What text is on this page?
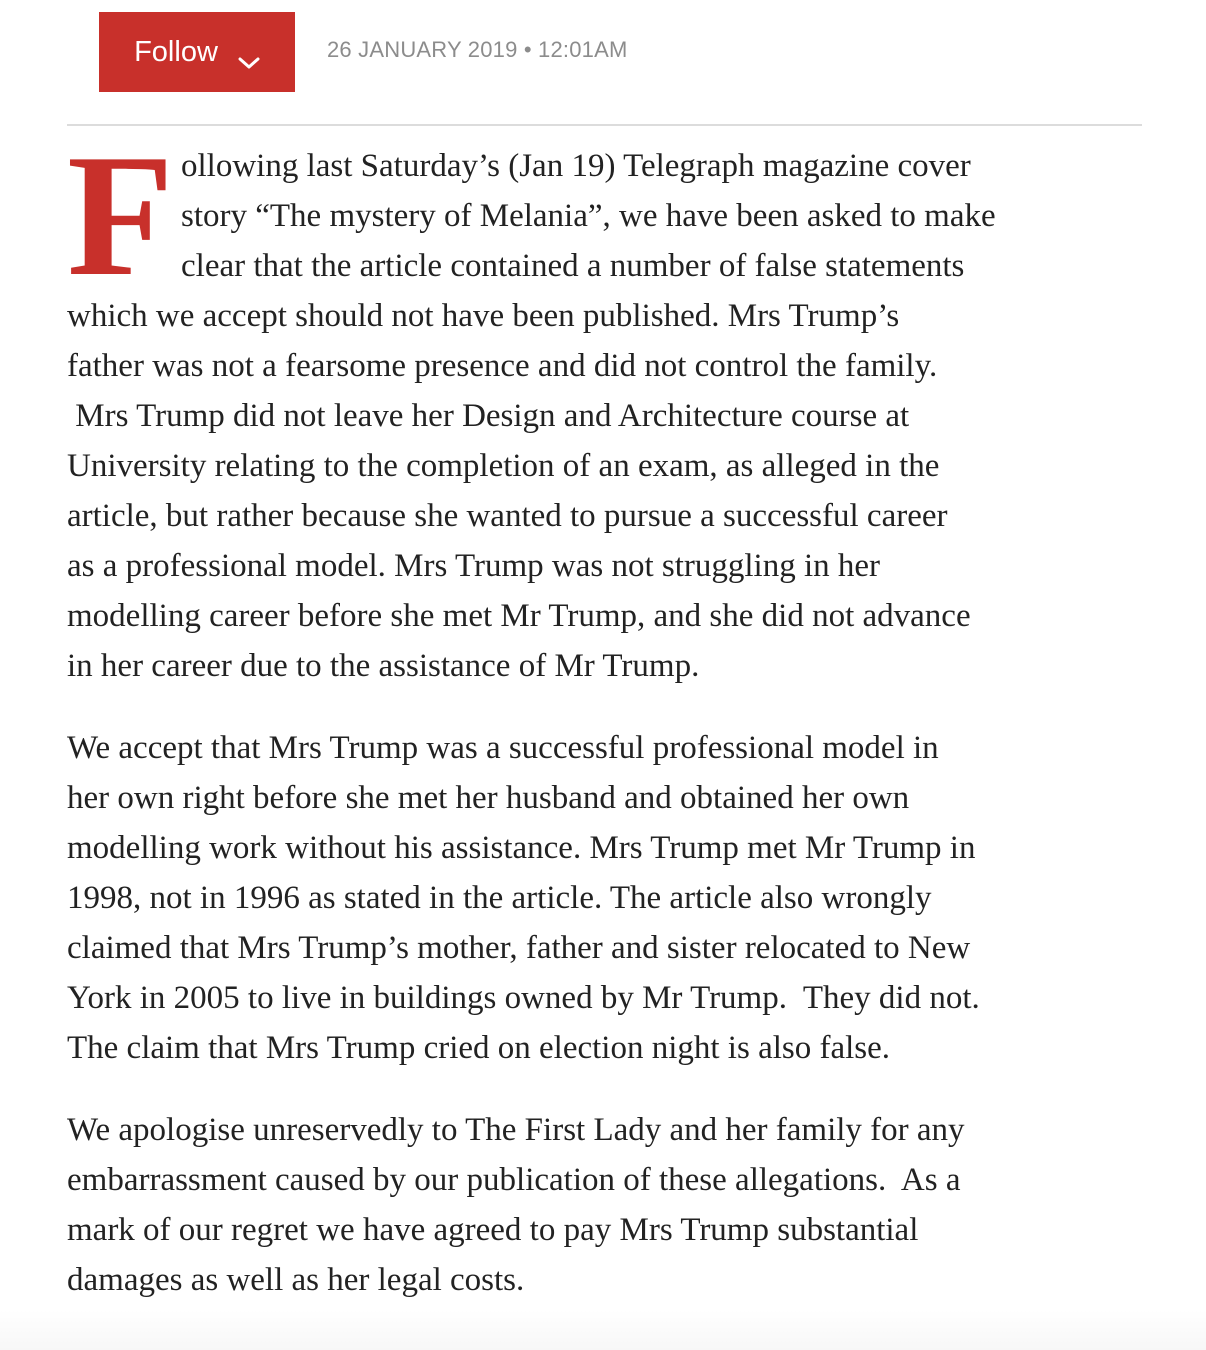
Follow	26 JANUARY 2019 • 12:01AM

F ollowing last Saturday’s (Jan 19) Telegraph magazine cover
story “The mystery of Melania”, we have been asked to make
clear that the article contained a number of false statements
which we accept should not have been published. Mrs Trump’s
father was not a fearsome presence and did not control the family.
Mrs Trump did not leave her Design and Architecture course at
University relating to the completion of an exam, as alleged in the
article, but rather because she wanted to pursue a successful career
as a professional model. Mrs Trump was not struggling in her
modelling career before she met Mr Trump, and she did not advance
in her career due to the assistance of Mr Trump.

We accept that Mrs Trump was a successful professional model in
her own right before she met her husband and obtained her own
modelling work without his assistance. Mrs Trump met Mr Trump in
1998, not in 1996 as stated in the article. The article also wrongly
claimed that Mrs Trump’s mother, father and sister relocated to New
York in 2005 to live in buildings owned by Mr Trump.  They did not.
The claim that Mrs Trump cried on election night is also false.

We apologise unreservedly to The First Lady and her family for any
embarrassment caused by our publication of these allegations.  As a
mark of our regret we have agreed to pay Mrs Trump substantial
damages as well as her legal costs.
